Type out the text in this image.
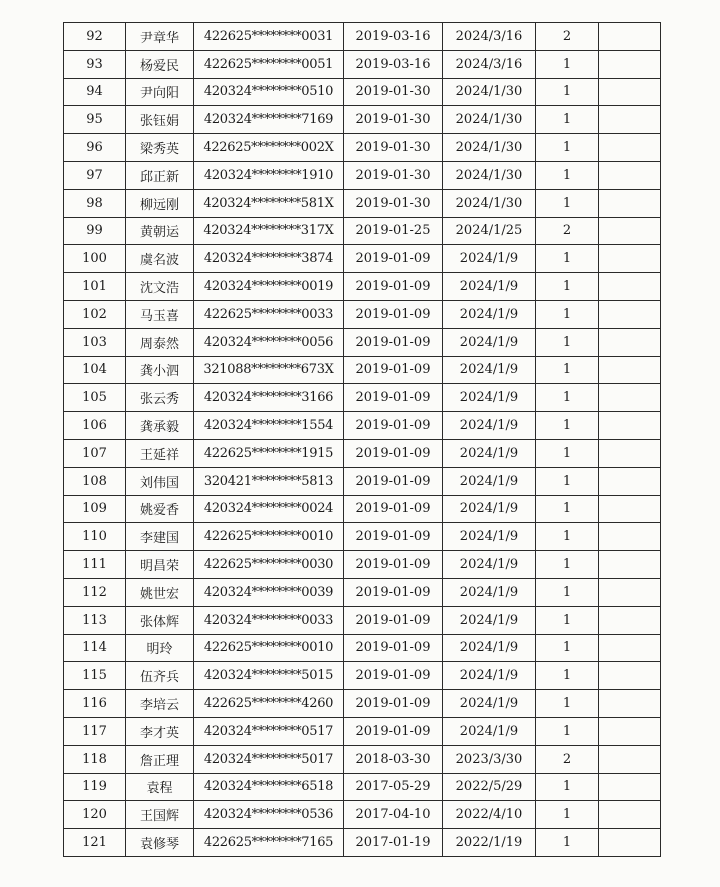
92	尹章华	422625********0031	2019-03-16	2024/3/16	2	
93	杨爱民	422625********0051	2019-03-16	2024/3/16	1	
94	尹向阳	420324********0510	2019-01-30	2024/1/30	1	
95	张钰娟	420324********7169	2019-01-30	2024/1/30	1	
96	梁秀英	422625********002X	2019-01-30	2024/1/30	1	
97	邱正新	420324********1910	2019-01-30	2024/1/30	1	
98	柳远刚	420324********581X	2019-01-30	2024/1/30	1	
99	黄朝运	420324********317X	2019-01-25	2024/1/25	2	
100	虞名波	420324********3874	2019-01-09	2024/1/9	1	
101	沈文浩	420324********0019	2019-01-09	2024/1/9	1	
102	马玉喜	422625********0033	2019-01-09	2024/1/9	1	
103	周泰然	420324********0056	2019-01-09	2024/1/9	1	
104	龚小泗	321088********673X	2019-01-09	2024/1/9	1	
105	张云秀	420324********3166	2019-01-09	2024/1/9	1	
106	龚承毅	420324********1554	2019-01-09	2024/1/9	1	
107	王延祥	422625********1915	2019-01-09	2024/1/9	1	
108	刘伟国	320421********5813	2019-01-09	2024/1/9	1	
109	姚爱香	420324********0024	2019-01-09	2024/1/9	1	
110	李建国	422625********0010	2019-01-09	2024/1/9	1	
111	明昌荣	422625********0030	2019-01-09	2024/1/9	1	
112	姚世宏	420324********0039	2019-01-09	2024/1/9	1	
113	张体辉	420324********0033	2019-01-09	2024/1/9	1	
114	明玲	422625********0010	2019-01-09	2024/1/9	1	
115	伍齐兵	420324********5015	2019-01-09	2024/1/9	1	
116	李培云	422625********4260	2019-01-09	2024/1/9	1	
117	李才英	420324********0517	2019-01-09	2024/1/9	1	
118	詹正理	420324********5017	2018-03-30	2023/3/30	2	
119	袁程	420324********6518	2017-05-29	2022/5/29	1	
120	王国辉	420324********0536	2017-04-10	2022/4/10	1	
121	袁修琴	422625********7165	2017-01-19	2022/1/19	1	
